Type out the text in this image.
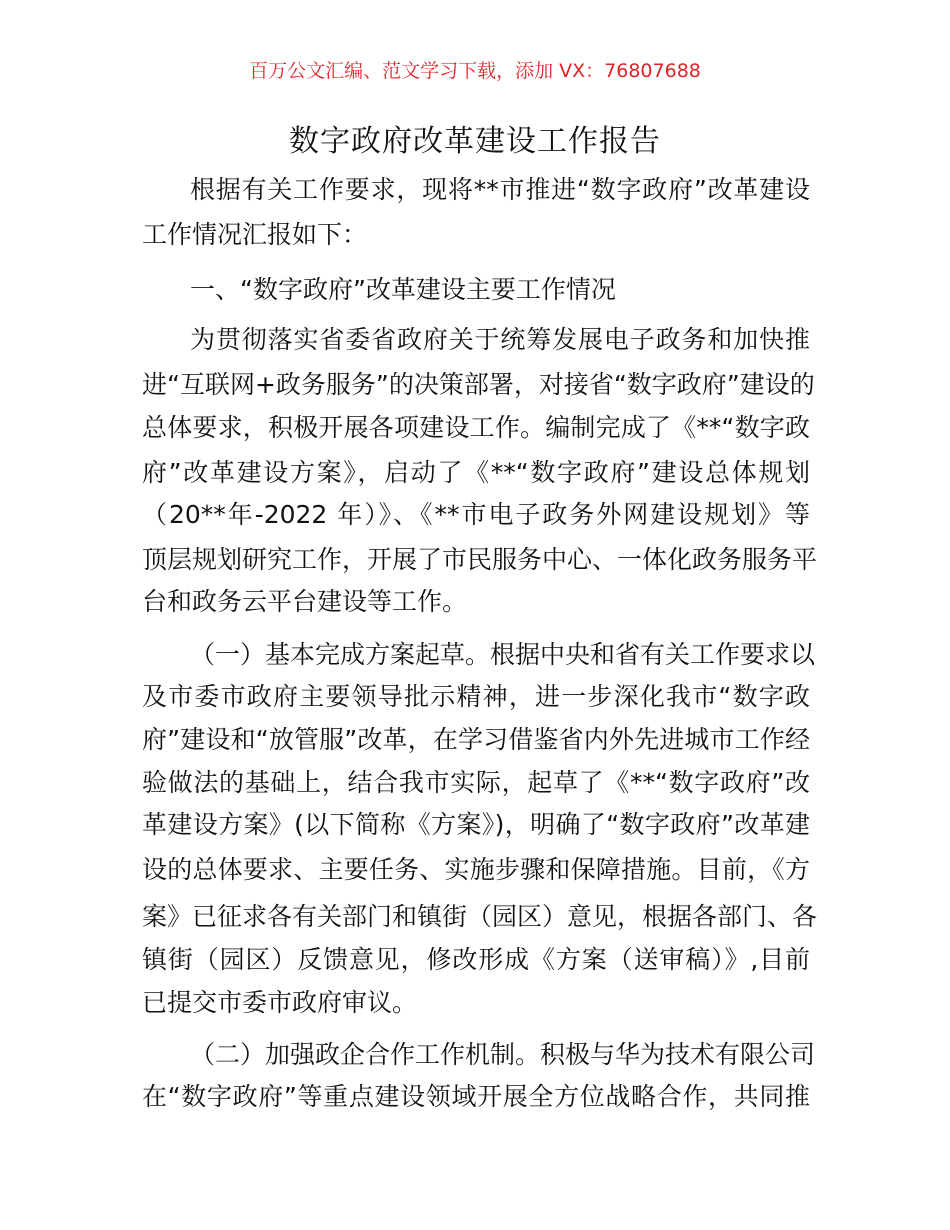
百万公文汇编、范文学习下载，添加 VX：76807688
数字政府改革建设工作报告
根据有关工作要求，现将**市推进“数字政府”改革建设
工作情况汇报如下：
一、“数字政府”改革建设主要工作情况
为贯彻落实省委省政府关于统筹发展电子政务和加快推
进“互联网+政务服务”的决策部署，对接省“数字政府”建设的
总体要求，积极开展各项建设工作。编制完成了《**“数字政
府”改革建设方案》，启动了《**“数字政府”建设总体规划
（20**年-2022 年）》、《**市电子政务外网建设规划》等
顶层规划研究工作，开展了市民服务中心、一体化政务服务平
台和政务云平台建设等工作。
（一）基本完成方案起草。根据中央和省有关工作要求以
及市委市政府主要领导批示精神，进一步深化我市“数字政
府”建设和“放管服”改革，在学习借鉴省内外先进城市工作经
验做法的基础上，结合我市实际，起草了《**“数字政府”改
革建设方案》(以下简称《方案》)，明确了“数字政府”改革建
设的总体要求、主要任务、实施步骤和保障措施。目前，《方
案》已征求各有关部门和镇街（园区）意见，根据各部门、各
镇街（园区）反馈意见，修改形成《方案（送审稿）》,目前
已提交市委市政府审议。
（二）加强政企合作工作机制。积极与华为技术有限公司
在“数字政府”等重点建设领域开展全方位战略合作，共同推
